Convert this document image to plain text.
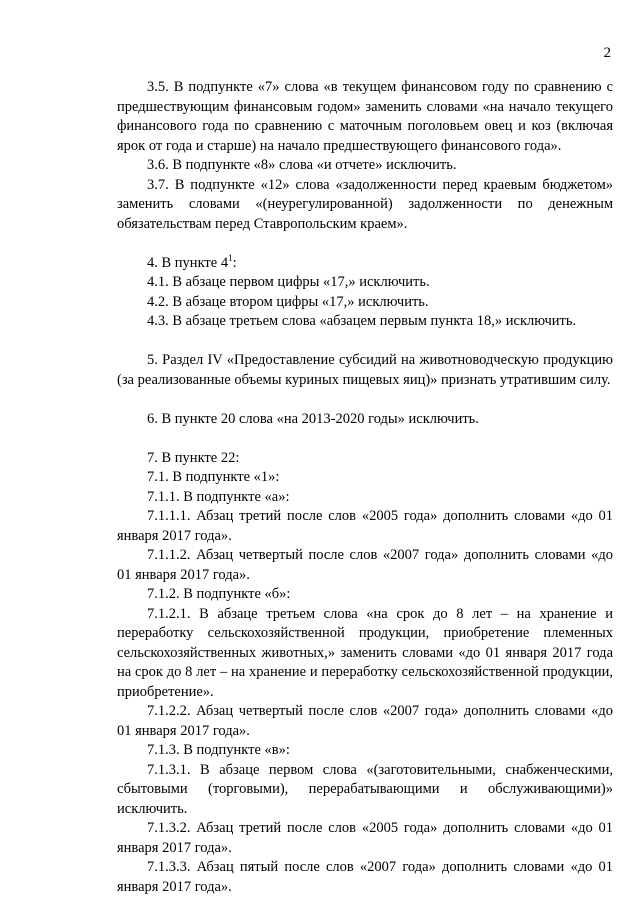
2

3.5. В подпункте «7» слова «в текущем финансовом году по сравнению с предшествующим финансовым годом» заменить словами «на начало текущего финансового года по сравнению с маточным поголовьем овец и коз (включая ярок от года и старше) на начало предшествующего финансового года».

3.6. В подпункте «8» слова «и отчете» исключить.

3.7. В подпункте «12» слова «задолженности перед краевым бюджетом» заменить словами «(неурегулированной) задолженности по денежным обязательствам перед Ставропольским краем».

4. В пункте $4^1$:

4.1. В абзаце первом цифры «17,» исключить.

4.2. В абзаце втором цифры «17,» исключить.

4.3. В абзаце третьем слова «абзацем первым пункта 18,» исключить.

5. Раздел IV «Предоставление субсидий на животноводческую продукцию (за реализованные объемы куриных пищевых яиц)» признать утратившим силу.

6. В пункте 20 слова «на 2013-2020 годы» исключить.

7. В пункте 22:

7.1. В подпункте «1»:

7.1.1. В подпункте «а»:

7.1.1.1. Абзац третий после слов «2005 года» дополнить словами «до 01 января 2017 года».

7.1.1.2. Абзац четвертый после слов «2007 года» дополнить словами «до 01 января 2017 года».

7.1.2. В подпункте «б»:

7.1.2.1. В абзаце третьем слова «на срок до 8 лет – на хранение и переработку сельскохозяйственной продукции, приобретение племенных сельскохозяйственных животных,» заменить словами «до 01 января 2017 года на срок до 8 лет – на хранение и переработку сельскохозяйственной продукции, приобретение».

7.1.2.2. Абзац четвертый после слов «2007 года» дополнить словами «до 01 января 2017 года».

7.1.3. В подпункте «в»:

7.1.3.1. В абзаце первом слова «(заготовительными, снабженческими, сбытовыми (торговыми), перерабатывающими и обслуживающими)» исключить.

7.1.3.2. Абзац третий после слов «2005 года» дополнить словами «до 01 января 2017 года».

7.1.3.3. Абзац пятый после слов «2007 года» дополнить словами «до 01 января 2017 года».
